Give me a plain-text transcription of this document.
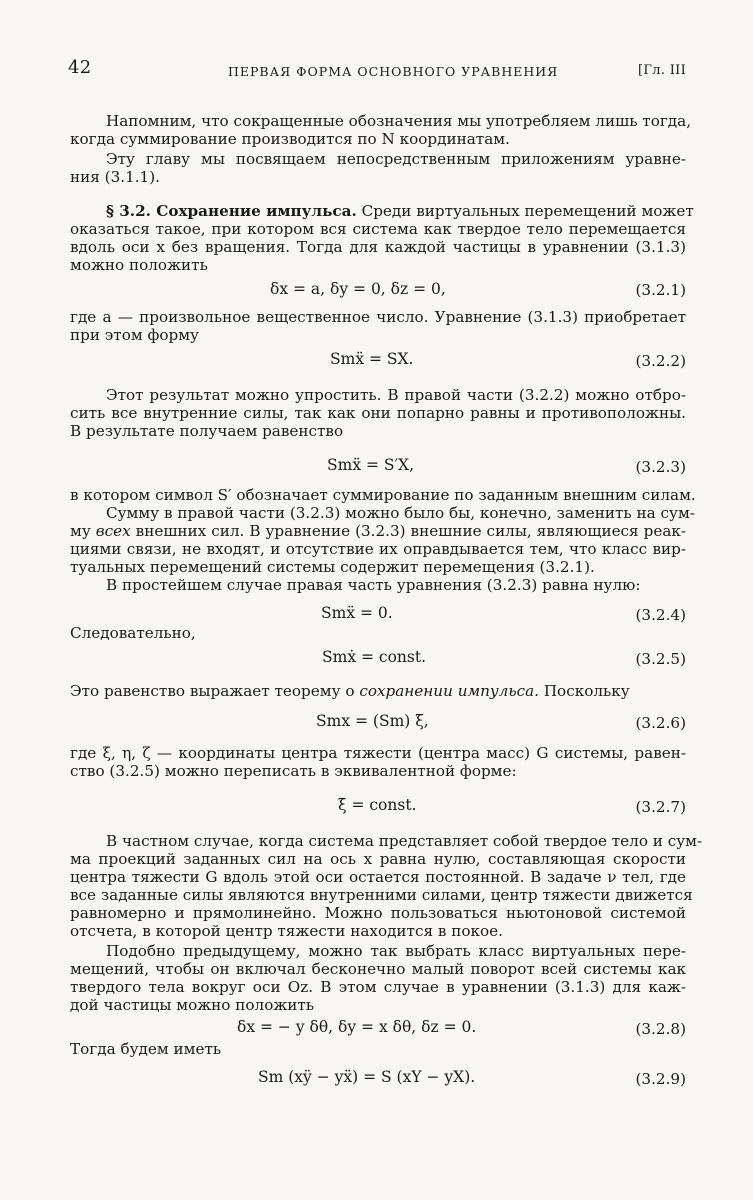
42	ПЕРВАЯ ФОРМА ОСНОВНОГО УРАВНЕНИЯ	[Гл. III
Напомним, что сокращенные обозначения мы употребляем лишь тогда,
когда суммирование производится по N координатам.
Эту главу мы посвящаем непосредственным приложениям уравне-
ния (3.1.1).
§ 3.2. Сохранение импульса. Среди виртуальных перемещений может
оказаться такое, при котором вся система как твердое тело перемещается
вдоль оси x без вращения. Тогда для каждой частицы в уравнении (3.1.3)
можно положить
δx = a, δy = 0, δz = 0,	(3.2.1)
где a — произвольное вещественное число. Уравнение (3.1.3) приобретает
при этом форму
Smẍ = SX.	(3.2.2)
Этот результат можно упростить. В правой части (3.2.2) можно отбро-
сить все внутренние силы, так как они попарно равны и противоположны.
В результате получаем равенство
Smẍ = S′X,	(3.2.3)
в котором символ S′ обозначает суммирование по заданным внешним силам.
Сумму в правой части (3.2.3) можно было бы, конечно, заменить на сум-
му всех внешних сил. В уравнение (3.2.3) внешние силы, являющиеся реак-
циями связи, не входят, и отсутствие их оправдывается тем, что класс вир-
туальных перемещений системы содержит перемещения (3.2.1).
В простейшем случае правая часть уравнения (3.2.3) равна нулю:
Smẍ = 0.	(3.2.4)
Следовательно,
Smẋ = const.	(3.2.5)
Это равенство выражает теорему о сохранении импульса. Поскольку
Smx = (Sm) ξ,	(3.2.6)
где ξ, η, ζ — координаты центра тяжести (центра масс) G системы, равен-
ство (3.2.5) можно переписать в эквивалентной форме:
ξ̇ = const.	(3.2.7)
В частном случае, когда система представляет собой твердое тело и сум-
ма проекций заданных сил на ось x равна нулю, составляющая скорости
центра тяжести G вдоль этой оси остается постоянной. В задаче ν тел, где
все заданные силы являются внутренними силами, центр тяжести движется
равномерно и прямолинейно. Можно пользоваться ньютоновой системой
отсчета, в которой центр тяжести находится в покое.
Подобно предыдущему, можно так выбрать класс виртуальных пере-
мещений, чтобы он включал бесконечно малый поворот всей системы как
твердого тела вокруг оси Oz. В этом случае в уравнении (3.1.3) для каж-
дой частицы можно положить
δx = − y δθ, δy = x δθ, δz = 0.	(3.2.8)
Тогда будем иметь
Sm (xÿ − yẍ) = S (xY − yX).	(3.2.9)
